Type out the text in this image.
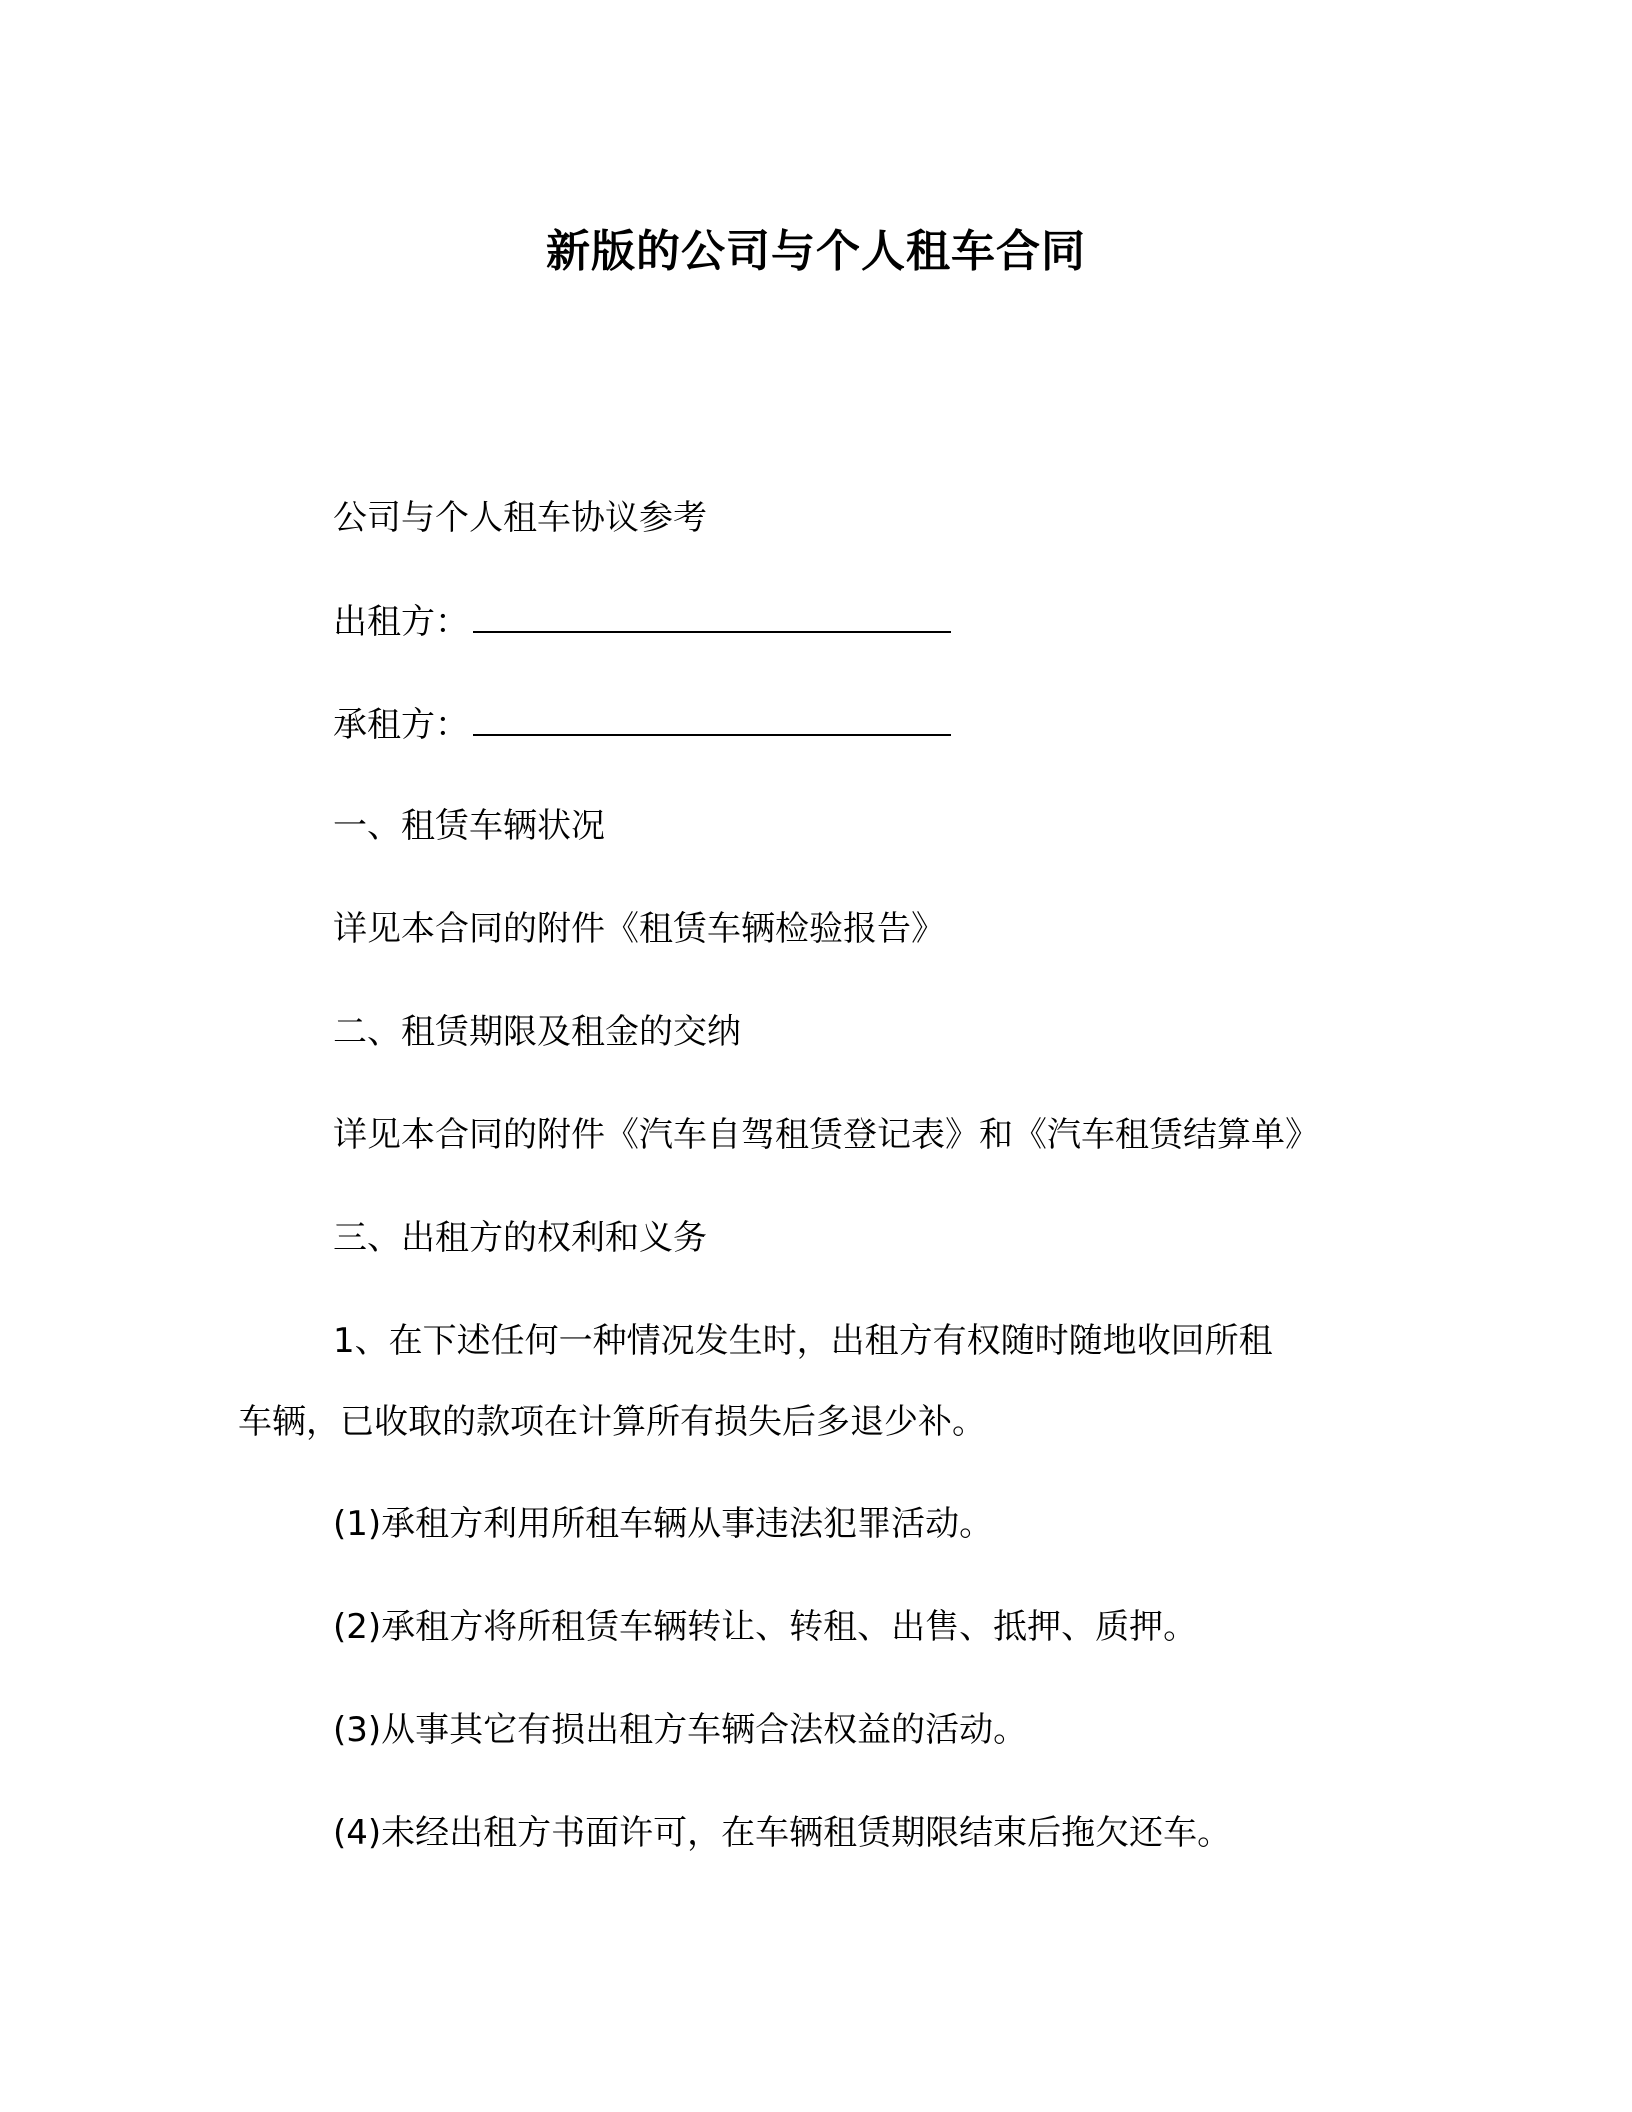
新版的公司与个人租车合同
公司与个人租车协议参考
出租方：
承租方：
一、租赁车辆状况
详见本合同的附件《租赁车辆检验报告》
二、租赁期限及租金的交纳
详见本合同的附件《汽车自驾租赁登记表》和《汽车租赁结算单》
三、出租方的权利和义务
1、在下述任何一种情况发生时，出租方有权随时随地收回所租
车辆，已收取的款项在计算所有损失后多退少补。
(1)承租方利用所租车辆从事违法犯罪活动。
(2)承租方将所租赁车辆转让、转租、出售、抵押、质押。
(3)从事其它有损出租方车辆合法权益的活动。
(4)未经出租方书面许可，在车辆租赁期限结束后拖欠还车。
